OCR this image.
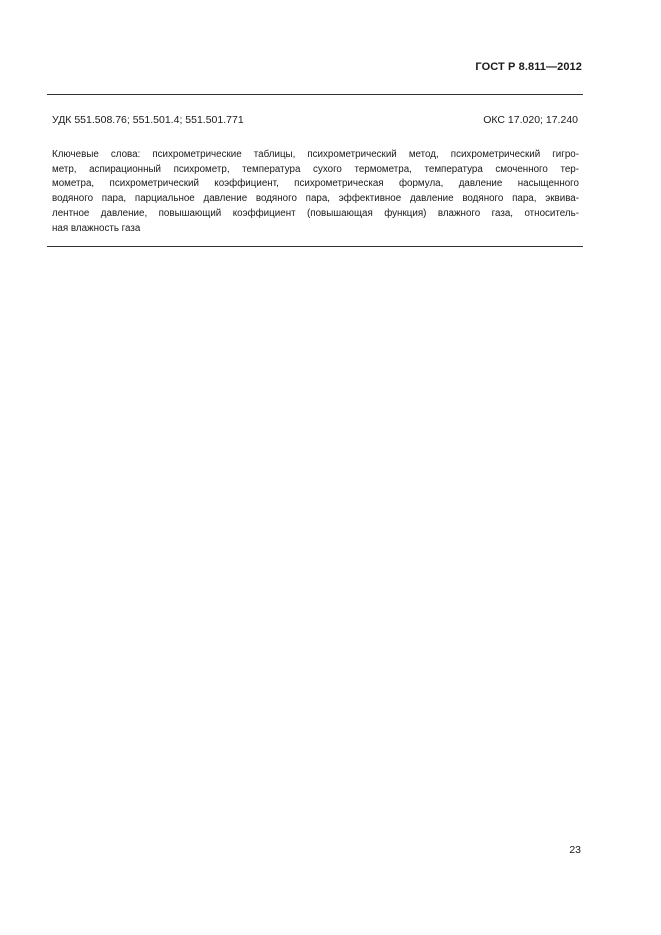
ГОСТ Р 8.811—2012
УДК 551.508.76; 551.501.4; 551.501.771	ОКС 17.020; 17.240
Ключевые слова: психрометрические таблицы, психрометрический метод, психрометрический гигро-
метр, аспирационный психрометр, температура сухого термометра, температура смоченного тер-
мометра, психрометрический коэффициент, психрометрическая формула, давление насыщенного
водяного пара, парциальное давление водяного пара, эффективное давление водяного пара, эквива-
лентное давление, повышающий коэффициент (повышающая функция) влажного газа, относитель-
ная влажность газа
23
